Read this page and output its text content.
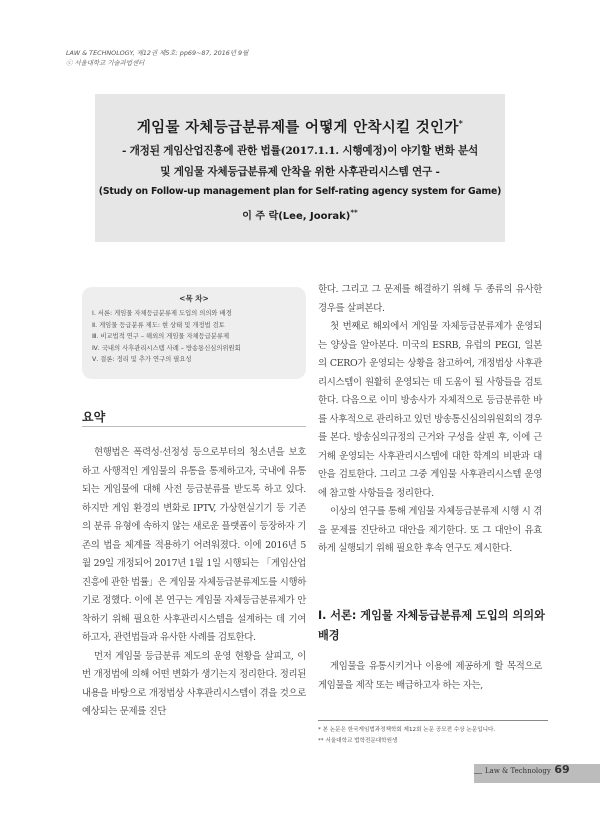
LAW & TECHNOLOGY, 제12권 제5호: pp69~87, 2016년 9월
ⓒ 서울대학교 기술과법센터
게임물 자체등급분류제를 어떻게 안착시킬 것인가*
- 개정된 게임산업진흥에 관한 법률(2017.1.1. 시행예정)이 야기할 변화 분석
및 게임물 자체등급분류제 안착을 위한 사후관리시스템 연구 -
(Study on Follow-up management plan for Self-rating agency system for Game)
이 주 락(Lee, Joorak)**
<목 차>
Ⅰ. 서론: 게임물 자체등급분류제 도입의 의의와 배경
Ⅱ. 게임물 등급분류 제도: 현 상태 및 개정법 검토
Ⅲ. 비교법적 연구 – 해외의 게임물 자체등급분류제
Ⅳ. 국내의 사후관리시스템 사례 – 방송통신심의위원회
Ⅴ. 결론: 정리 및 추가 연구의 필요성
요약

현행법은 폭력성·선정성 등으로부터의 청소년을 보호하고 사행적인 게임물의 유통을 통제하고자, 국내에 유통되는 게임물에 대해 사전 등급분류를 받도록 하고 있다. 하지만 게임 환경의 변화로 IPTV, 가상현실기기 등 기존의 분류 유형에 속하지 않는 새로운 플랫폼이 등장하자 기존의 법을 체계를 적용하기 어려워졌다. 이에 2016년 5월 29일 개정되어 2017년 1월 1일 시행되는 「게임산업진흥에 관한 법률」은 게임물 자체등급분류제도를 시행하기로 정했다. 이에 본 연구는 게임물 자체등급분류제가 안착하기 위해 필요한 사후관리시스템을 설계하는 데 기여하고자, 관련법들과 유사한 사례를 검토한다.

먼저 게임물 등급분류 제도의 운영 현황을 살피고, 이번 개정법에 의해 어떤 변화가 생기는지 정리한다. 정리된 내용을 바탕으로 개정법상 사후관리시스템이 겪을 것으로 예상되는 문제를 진단

한다. 그리고 그 문제를 해결하기 위해 두 종류의 유사한 경우를 살펴본다.

첫 번째로 해외에서 게임물 자체등급분류제가 운영되는 양상을 알아본다. 미국의 ESRB, 유럽의 PEGI, 일본의 CERO가 운영되는 상황을 참고하여, 개정법상 사후관리시스템이 원활히 운영되는 데 도움이 될 사항들을 검토한다. 다음으로 이미 방송사가 자체적으로 등급분류한 바를 사후적으로 관리하고 있던 방송통신심의위원회의 경우를 본다. 방송심의규정의 근거와 구성을 살핀 후, 이에 근거해 운영되는 사후관리시스템에 대한 학계의 비판과 대안을 검토한다. 그리고 그중 게임물 사후관리시스템 운영에 참고할 사항들을 정리한다.

이상의 연구를 통해 게임물 자체등급분류제 시행 시 겪을 문제를 진단하고 대안을 제기한다. 또 그 대안이 유효하게 실행되기 위해 필요한 후속 연구도 제시한다.

Ⅰ. 서론: 게임물 자체등급분류제 도입의 의의와 배경

게임물을 유통시키거나 이용에 제공하게 할 목적으로 게임물을 제작 또는 배급하고자 하는 자는,

* 본 논문은 한국게임법과정책학회 제12회 논문 공모전 수상 논문입니다.
** 서울대학교 법학전문대학원생
Law & Technology 69
